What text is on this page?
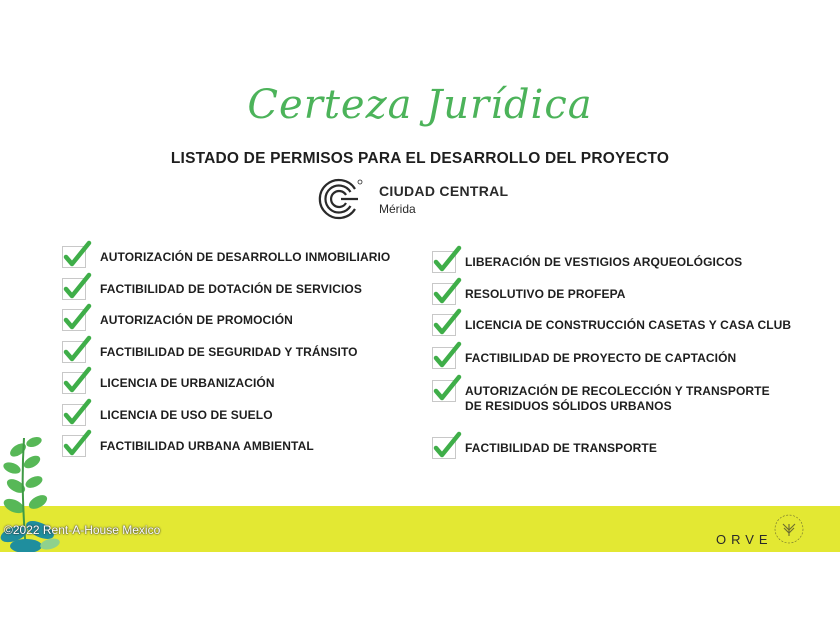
Certeza Jurídica
LISTADO DE PERMISOS PARA EL DESARROLLO DEL PROYECTO
CIUDAD CENTRAL
Mérida
AUTORIZACIÓN DE DESARROLLO INMOBILIARIO
FACTIBILIDAD DE DOTACIÓN DE SERVICIOS
AUTORIZACIÓN DE PROMOCIÓN
FACTIBILIDAD DE SEGURIDAD Y TRÁNSITO
LICENCIA DE URBANIZACIÓN
LICENCIA DE USO DE SUELO
FACTIBILIDAD URBANA AMBIENTAL
LIBERACIÓN DE VESTIGIOS ARQUEOLÓGICOS
RESOLUTIVO DE PROFEPA
LICENCIA DE CONSTRUCCIÓN CASETAS Y CASA CLUB
FACTIBILIDAD DE PROYECTO DE CAPTACIÓN
AUTORIZACIÓN DE RECOLECCIÓN Y TRANSPORTE
DE RESIDUOS SÓLIDOS URBANOS
FACTIBILIDAD DE TRANSPORTE
©2022 Rent-A-House Mexico
ORVE
